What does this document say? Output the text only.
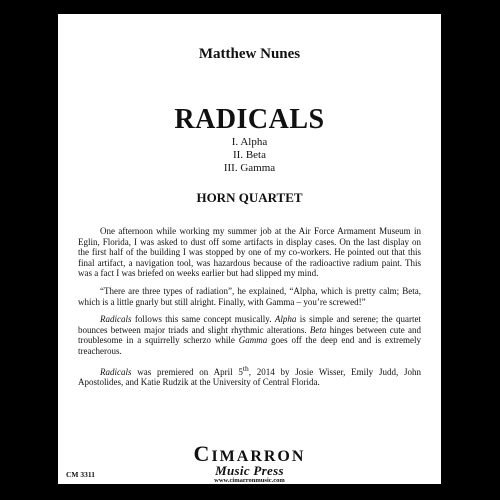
Matthew Nunes
RADICALS
I. Alpha
II. Beta
III. Gamma
HORN QUARTET

One afternoon while working my summer job at the Air Force Armament Museum in Eglin, Florida, I was asked to dust off some artifacts in display cases. On the last display on the first half of the building I was stopped by one of my co-workers. He pointed out that this final artifact, a navigation tool, was hazardous because of the radioactive radium paint. This was a fact I was briefed on weeks earlier but had slipped my mind.

“There are three types of radiation”, he explained, “Alpha, which is pretty calm; Beta, which is a little gnarly but still alright. Finally, with Gamma – you’re screwed!”

Radicals follows this same concept musically. Alpha is simple and serene; the quartet bounces between major triads and slight rhythmic alterations. Beta hinges between cute and troublesome in a squirrelly scherzo while Gamma goes off the deep end and is extremely treacherous.

Radicals was premiered on April 5th, 2014 by Josie Wisser, Emily Judd, John Apostolides, and Katie Rudzik at the University of Central Florida.

CM 3311
CIMARRON
Music Press
www.cimarronmusic.com
